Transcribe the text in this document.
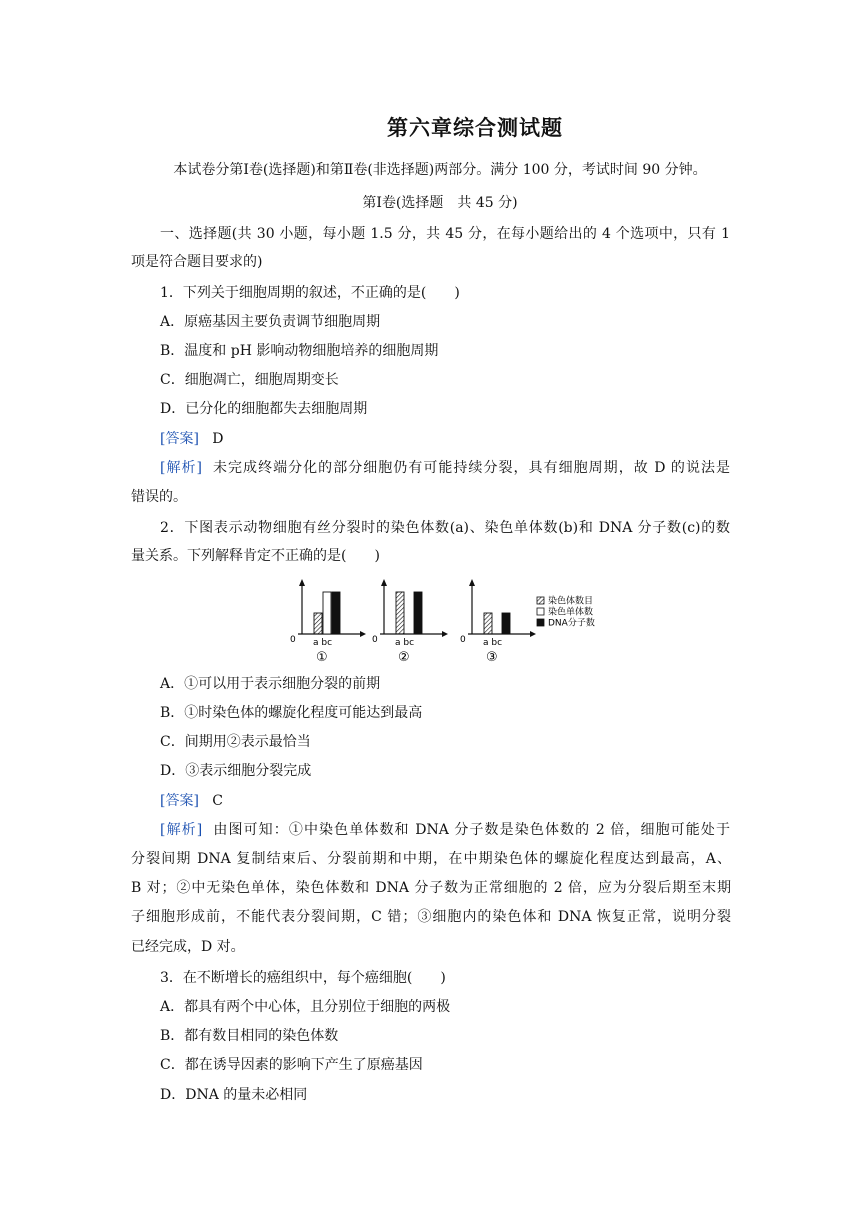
第六章综合测试题
本试卷分第Ⅰ卷(选择题)和第Ⅱ卷(非选择题)两部分。满分 100 分，考试时间 90 分钟。
第Ⅰ卷(选择题　共 45 分)
一、选择题(共 30 小题，每小题 1.5 分，共 45 分，在每小题给出的 4 个选项中，只有 1
项是符合题目要求的)
1．下列关于细胞周期的叙述，不正确的是(　　)
A．原癌基因主要负责调节细胞周期
B．温度和 pH 影响动物细胞培养的细胞周期
C．细胞凋亡，细胞周期变长
D．已分化的细胞都失去细胞周期
[答案] D
[解析] 未完成终端分化的部分细胞仍有可能持续分裂，具有细胞周期，故 D 的说法是
错误的。
2．下图表示动物细胞有丝分裂时的染色体数(a)、染色单体数(b)和 DNA 分子数(c)的数
量关系。下列解释肯定不正确的是(　　)
0 a bc
①
0 a bc
②
0 a bc
③
染色体数目
染色单体数
DNA分子数
A．①可以用于表示细胞分裂的前期
B．①时染色体的螺旋化程度可能达到最高
C．间期用②表示最恰当
D．③表示细胞分裂完成
[答案] C
[解析] 由图可知：①中染色单体数和 DNA 分子数是染色体数的 2 倍，细胞可能处于
分裂间期 DNA 复制结束后、分裂前期和中期，在中期染色体的螺旋化程度达到最高，A、
B 对；②中无染色单体，染色体数和 DNA 分子数为正常细胞的 2 倍，应为分裂后期至末期
子细胞形成前，不能代表分裂间期，C 错；③细胞内的染色体和 DNA 恢复正常，说明分裂
已经完成，D 对。
3．在不断增长的癌组织中，每个癌细胞(　　)
A．都具有两个中心体，且分别位于细胞的两极
B．都有数目相同的染色体数
C．都在诱导因素的影响下产生了原癌基因
D．DNA 的量未必相同
